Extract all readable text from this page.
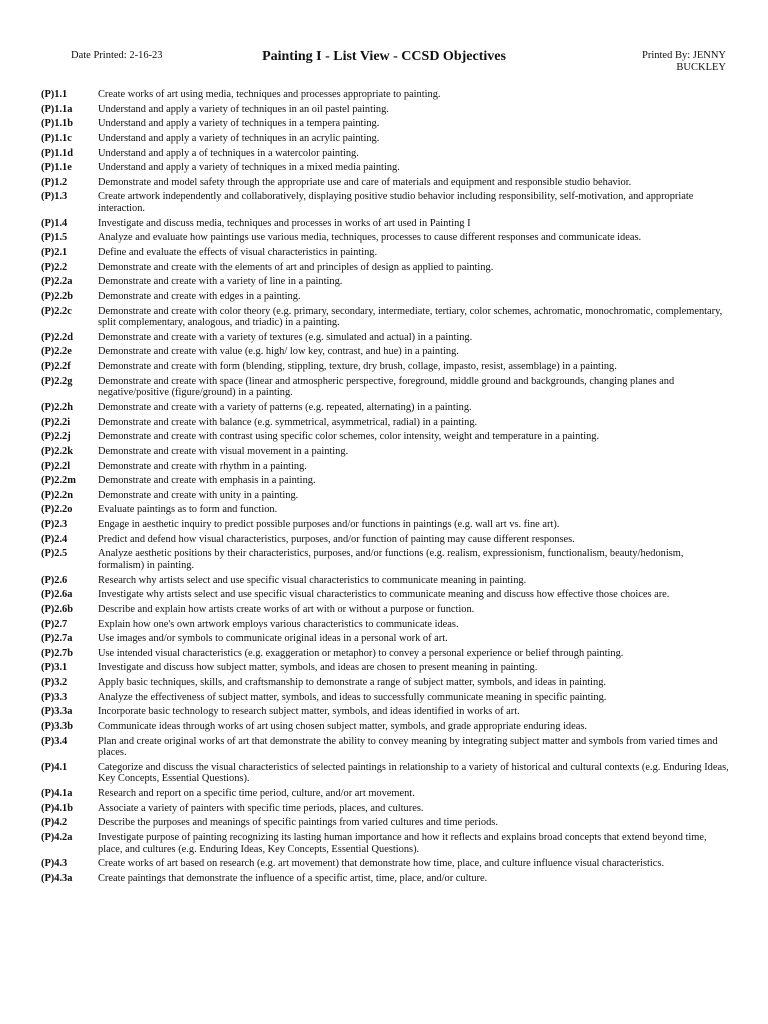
Date Printed: 2-16-23	Painting I - List View - CCSD Objectives	Printed By: JENNY BUCKLEY
(P)1.1	Create works of art using media, techniques and processes appropriate to painting.
(P)1.1a	Understand and apply a variety of techniques in an oil pastel painting.
(P)1.1b	Understand and apply a variety of techniques in a tempera painting.
(P)1.1c	Understand and apply a variety of techniques in an acrylic painting.
(P)1.1d	Understand and apply a of techniques in a watercolor painting.
(P)1.1e	Understand and apply a variety of techniques in a mixed media painting.
(P)1.2	Demonstrate and model safety through the appropriate use and care of materials and equipment and responsible studio behavior.
(P)1.3	Create artwork independently and collaboratively, displaying positive studio behavior including responsibility, self-motivation, and appropriate interaction.
(P)1.4	Investigate and discuss media, techniques and processes in works of art used in Painting I
(P)1.5	Analyze and evaluate how paintings use various media, techniques, processes to cause different responses and communicate ideas.
(P)2.1	Define and evaluate the effects of visual characteristics in painting.
(P)2.2	Demonstrate and create with the elements of art and principles of design as applied to painting.
(P)2.2a	Demonstrate and create with a variety of line in a painting.
(P)2.2b	Demonstrate and create with edges in a painting.
(P)2.2c	Demonstrate and create with color theory (e.g. primary, secondary, intermediate, tertiary, color schemes, achromatic, monochromatic, complementary, split complementary, analogous, and triadic) in a painting.
(P)2.2d	Demonstrate and create with a variety of textures (e.g. simulated and actual) in a painting.
(P)2.2e	Demonstrate and create with value (e.g. high/ low key, contrast, and hue) in a painting.
(P)2.2f	Demonstrate and create with form (blending, stippling, texture, dry brush, collage, impasto, resist, assemblage) in a painting.
(P)2.2g	Demonstrate and create with space (linear and atmospheric perspective, foreground, middle ground and backgrounds, changing planes and negative/positive (figure/ground) in a painting.
(P)2.2h	Demonstrate and create with a variety of patterns (e.g. repeated, alternating) in a painting.
(P)2.2i	Demonstrate and create with balance (e.g. symmetrical, asymmetrical, radial) in a painting.
(P)2.2j	Demonstrate and create with contrast using specific color schemes, color intensity, weight and temperature in a painting.
(P)2.2k	Demonstrate and create with visual movement in a painting.
(P)2.2l	Demonstrate and create with rhythm in a painting.
(P)2.2m	Demonstrate and create with emphasis in a painting.
(P)2.2n	Demonstrate and create with unity in a painting.
(P)2.2o	Evaluate paintings as to form and function.
(P)2.3	Engage in aesthetic inquiry to predict possible purposes and/or functions in paintings (e.g. wall art vs. fine art).
(P)2.4	Predict and defend how visual characteristics, purposes, and/or function of painting may cause different responses.
(P)2.5	Analyze aesthetic positions by their characteristics, purposes, and/or functions (e.g. realism, expressionism, functionalism, beauty/hedonism, formalism) in painting.
(P)2.6	Research why artists select and use specific visual characteristics to communicate meaning in painting.
(P)2.6a	Investigate why artists select and use specific visual characteristics to communicate meaning and discuss how effective those choices are.
(P)2.6b	Describe and explain how artists create works of art with or without a purpose or function.
(P)2.7	Explain how one's own artwork employs various characteristics to communicate ideas.
(P)2.7a	Use images and/or symbols to communicate original ideas in a personal work of art.
(P)2.7b	Use intended visual characteristics (e.g. exaggeration or metaphor) to convey a personal experience or belief through painting.
(P)3.1	Investigate and discuss how subject matter, symbols, and ideas are chosen to present meaning in painting.
(P)3.2	Apply basic techniques, skills, and craftsmanship to demonstrate a range of subject matter, symbols, and ideas in painting.
(P)3.3	Analyze the effectiveness of subject matter, symbols, and ideas to successfully communicate meaning in specific painting.
(P)3.3a	Incorporate basic technology to research subject matter, symbols, and ideas identified in works of art.
(P)3.3b	Communicate ideas through works of art using chosen subject matter, symbols, and grade appropriate enduring ideas.
(P)3.4	Plan and create original works of art that demonstrate the ability to convey meaning by integrating subject matter and symbols from varied times and places.
(P)4.1	Categorize and discuss the visual characteristics of selected paintings in relationship to a variety of historical and cultural contexts (e.g. Enduring Ideas, Key Concepts, Essential Questions).
(P)4.1a	Research and report on a specific time period, culture, and/or art movement.
(P)4.1b	Associate a variety of painters with specific time periods, places, and cultures.
(P)4.2	Describe the purposes and meanings of specific paintings from varied cultures and time periods.
(P)4.2a	Investigate purpose of painting recognizing its lasting human importance and how it reflects and explains broad concepts that extend beyond time, place, and cultures (e.g. Enduring Ideas, Key Concepts, Essential Questions).
(P)4.3	Create works of art based on research (e.g. art movement) that demonstrate how time, place, and culture influence visual characteristics.
(P)4.3a	Create paintings that demonstrate the influence of a specific artist, time, place, and/or culture.
